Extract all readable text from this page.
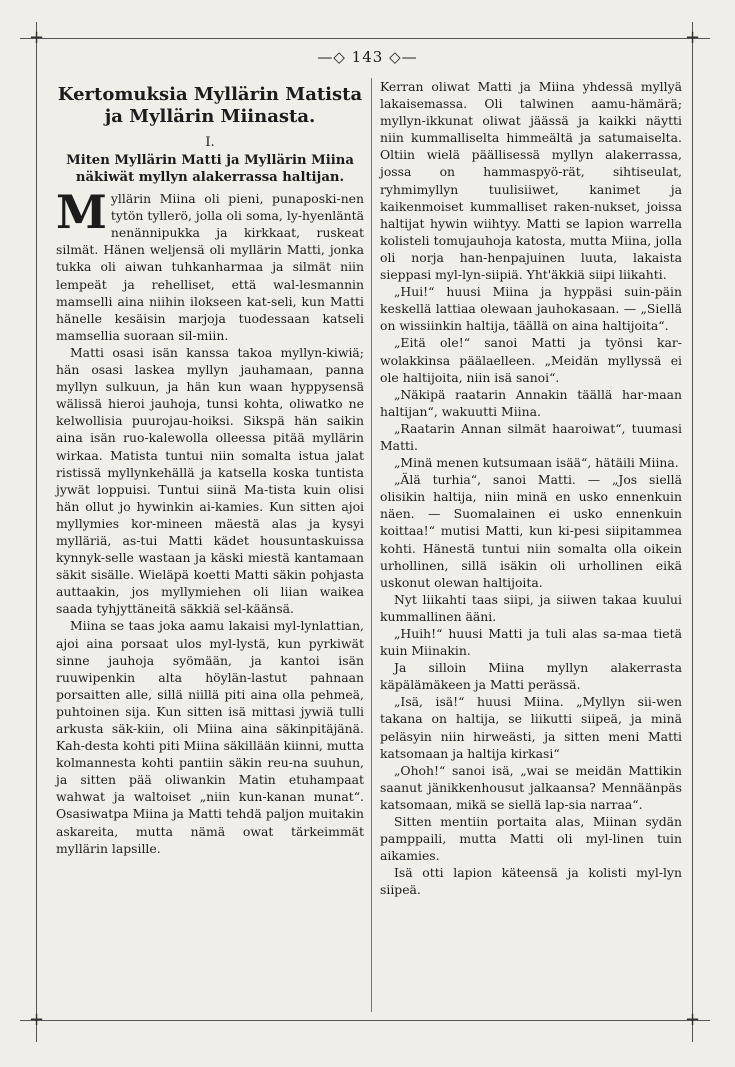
+	+
+	+
—◇ 143 ◇—
Kertomuksia Myllärin Matista ja Myllärin Miinasta.
I.
Miten Myllärin Matti ja Myllärin Miina näkiwät myllyn alakerrassa haltijan.

Myllärin Miina oli pieni, punaposki-nen tytön tyllerö, jolla oli soma, ly-hyenläntä nenännipukka ja kirkkaat, ruskeat silmät. Hänen weljensä oli myllärin Matti, jonka tukka oli aiwan tuhkanharmaa ja silmät niin lempeät ja rehelliset, että wal-lesmannin mamselli aina niihin ilokseen kat-seli, kun Matti hänelle kesäisin marjoja tuodessaan katseli mamsellia suoraan sil-miin.

Matti osasi isän kanssa takoa myllyn-kiwiä; hän osasi laskea myllyn jauhamaan, panna myllyn sulkuun, ja hän kun waan hyppysensä wälissä hieroi jauhoja, tunsi kohta, oliwatko ne kelwollisia puurojau-hoiksi. Sikspä hän saikin aina isän ruo-kalewolla olleessa pitää myllärin wirkaa. Matista tuntui niin somalta istua jalat ristissä myllynkehällä ja katsella koska tuntista jywät loppuisi. Tuntui siinä Ma-tista kuin olisi hän ollut jo hywinkin ai-kamies. Kun sitten ajoi myllymies kor-mineen mäestä alas ja kysyi mylläriä, as-tui Matti kädet housuntaskuissa kynnyk-selle wastaan ja käski miestä kantamaan säkit sisälle. Wieläpä koetti Matti säkin pohjasta auttaakin, jos myllymiehen oli liian waikea saada tyhjyttäneitä säkkiä sel-käänsä.

Miina se taas joka aamu lakaisi myl-lynlattian, ajoi aina porsaat ulos myl-lystä, kun pyrkiwät sinne jauhoja syömään, ja kantoi isän ruuwipenkin alta höylän-lastut pahnaan porsaitten alle, sillä niillä piti aina olla pehmeä, puhtoinen sija. Kun sitten isä mittasi jywiä tulli arkusta säk-kiin, oli Miina aina säkinpitäjänä. Kah-desta kohti piti Miina säkillään kiinni, mutta kolmannesta kohti pantiin säkin reu-na suuhun, ja sitten pää oliwankin Matin etuhampaat wahwat ja waltoiset „niin kun-kanan munat“. Osasiwatpa Miina ja Matti tehdä paljon muitakin askareita, mutta nämä owat tärkeimmät myllärin lapsille.

Kerran oliwat Matti ja Miina yhdessä myllyä lakaisemassa. Oli talwinen aamu-hämärä; myllyn-ikkunat oliwat jäässä ja kaikki näytti niin kummalliselta himmeältä ja satumaiselta. Oltiin wielä päällisessä myllyn alakerrassa, jossa on hammaspyö-rät, sihtiseulat, ryhmimyllyn tuulisiiwet, kanimet ja kaikenmoiset kummalliset raken-nukset, joissa haltijat hywin wiihtyy. Matti se lapion warrella kolisteli tomujauhoja katosta, mutta Miina, jolla oli norja han-henpajuinen luuta, lakaista sieppasi myl-lyn-siipiä. Yht'äkkiä siipi liikahti.

„Hui!“ huusi Miina ja hyppäsi suin-päin keskellä lattiaa olewaan jauhokasaan. — „Siellä on wissiinkin haltija, täällä on aina haltijoita“.

„Eitä ole!“ sanoi Matti ja työnsi kar-wolakkinsa päälaelleen. „Meidän myllyssä ei ole haltijoita, niin isä sanoi“.

„Näkipä raatarin Annakin täällä har-maan haltijan“, wakuutti Miina.

„Raatarin Annan silmät haaroiwat“, tuumasi Matti.

„Minä menen kutsumaan isää“, hätäili Miina.

„Älä turhia“, sanoi Matti. — „Jos siellä olisikin haltija, niin minä en usko ennenkuin näen. — Suomalainen ei usko ennenkuin koittaa!“ mutisi Matti, kun ki-pesi siipitammea kohti. Hänestä tuntui niin somalta olla oikein urhollinen, sillä isäkin oli urhollinen eikä uskonut olewan haltijoita.

Nyt liikahti taas siipi, ja siiwen takaa kuului kummallinen ääni.

„Huih!“ huusi Matti ja tuli alas sa-maa tietä kuin Miinakin.

Ja silloin Miina myllyn alakerrasta käpälämäkeen ja Matti perässä.

„Isä, isä!“ huusi Miina. „Myllyn sii-wen takana on haltija, se liikutti siipeä, ja minä peläsyin niin hirweästi, ja sitten meni Matti katsomaan ja haltija kirkasi“

„Ohoh!“ sanoi isä, „wai se meidän Mattikin saanut jänikkenhousut jalkaansa? Mennäänpäs katsomaan, mikä se siellä lap-sia narraa“.

Sitten mentiin portaita alas, Miinan sydän pamppaili, mutta Matti oli myl-linen tuin aikamies.

Isä otti lapion käteensä ja kolisti myl-lyn siipeä.
